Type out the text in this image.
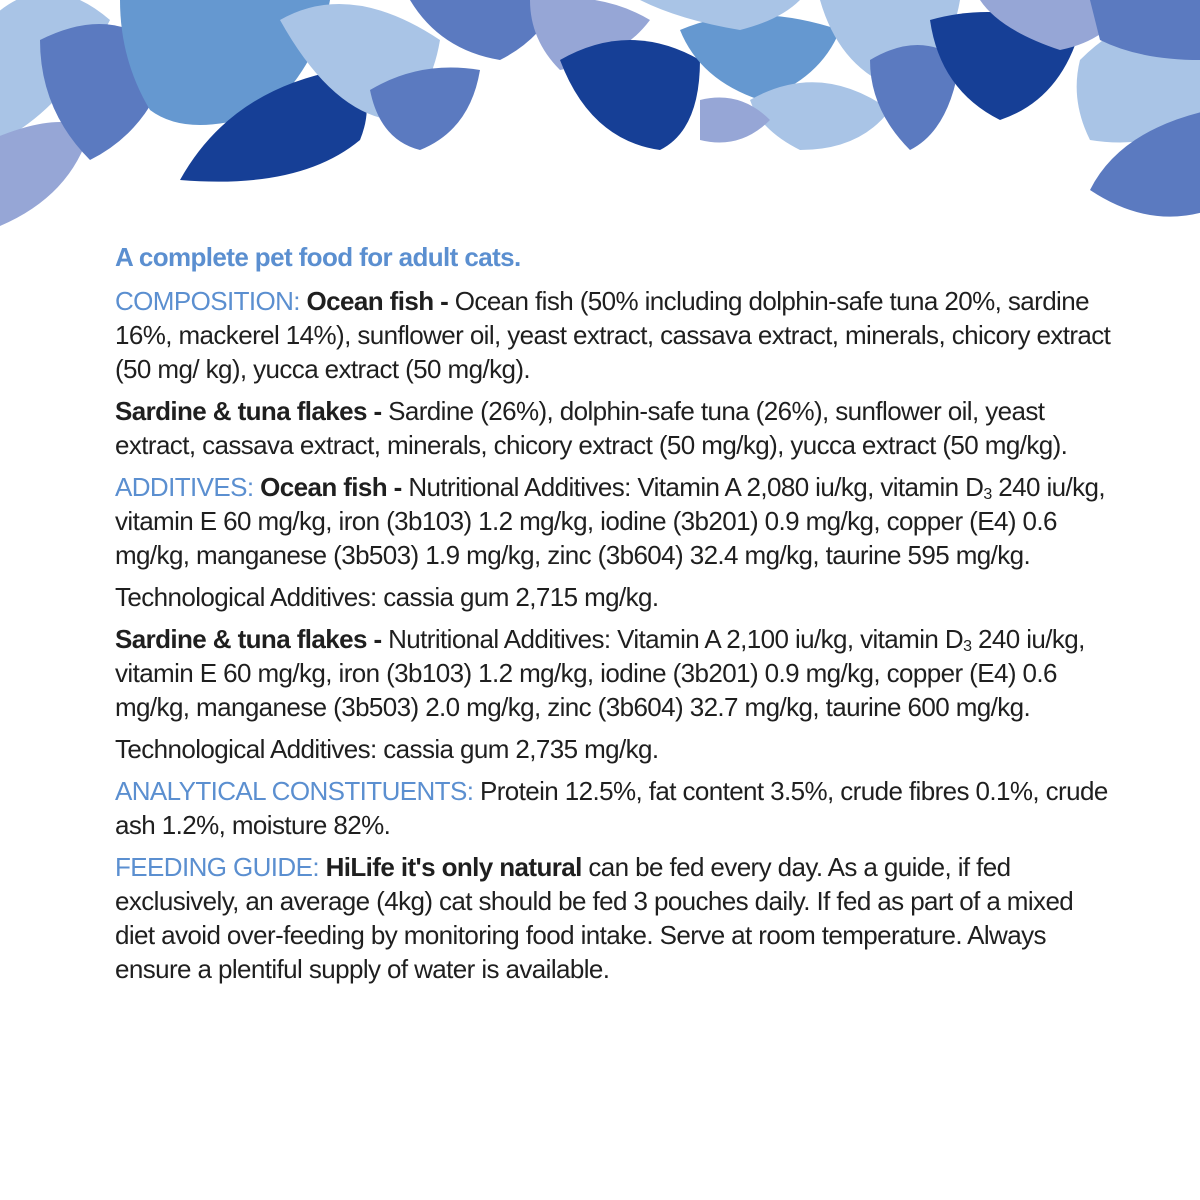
A complete pet food for adult cats.

COMPOSITION: Ocean fish - Ocean fish (50% including dolphin-safe tuna 20%, sardine 16%, mackerel 14%), sunflower oil, yeast extract, cassava extract, minerals, chicory extract (50 mg/ kg), yucca extract (50 mg/kg).

Sardine & tuna flakes - Sardine (26%), dolphin-safe tuna (26%), sunflower oil, yeast extract, cassava extract, minerals, chicory extract (50 mg/kg), yucca extract (50 mg/kg).

ADDITIVES: Ocean fish - Nutritional Additives: Vitamin A 2,080 iu/kg, vitamin D3 240 iu/kg, vitamin E 60 mg/kg, iron (3b103) 1.2 mg/kg, iodine (3b201) 0.9 mg/kg, copper (E4) 0.6 mg/kg, manganese (3b503) 1.9 mg/kg, zinc (3b604) 32.4 mg/kg, taurine 595 mg/kg.

Technological Additives: cassia gum 2,715 mg/kg.

Sardine & tuna flakes - Nutritional Additives: Vitamin A 2,100 iu/kg, vitamin D3 240 iu/kg, vitamin E 60 mg/kg, iron (3b103) 1.2 mg/kg, iodine (3b201) 0.9 mg/kg, copper (E4) 0.6 mg/kg, manganese (3b503) 2.0 mg/kg, zinc (3b604) 32.7 mg/kg, taurine 600 mg/kg.

Technological Additives: cassia gum 2,735 mg/kg.

ANALYTICAL CONSTITUENTS: Protein 12.5%, fat content 3.5%, crude fibres 0.1%, crude ash 1.2%, moisture 82%.

FEEDING GUIDE: HiLife it's only natural can be fed every day. As a guide, if fed exclusively, an average (4kg) cat should be fed 3 pouches daily. If fed as part of a mixed diet avoid over-feeding by monitoring food intake. Serve at room temperature. Always ensure a plentiful supply of water is available.
